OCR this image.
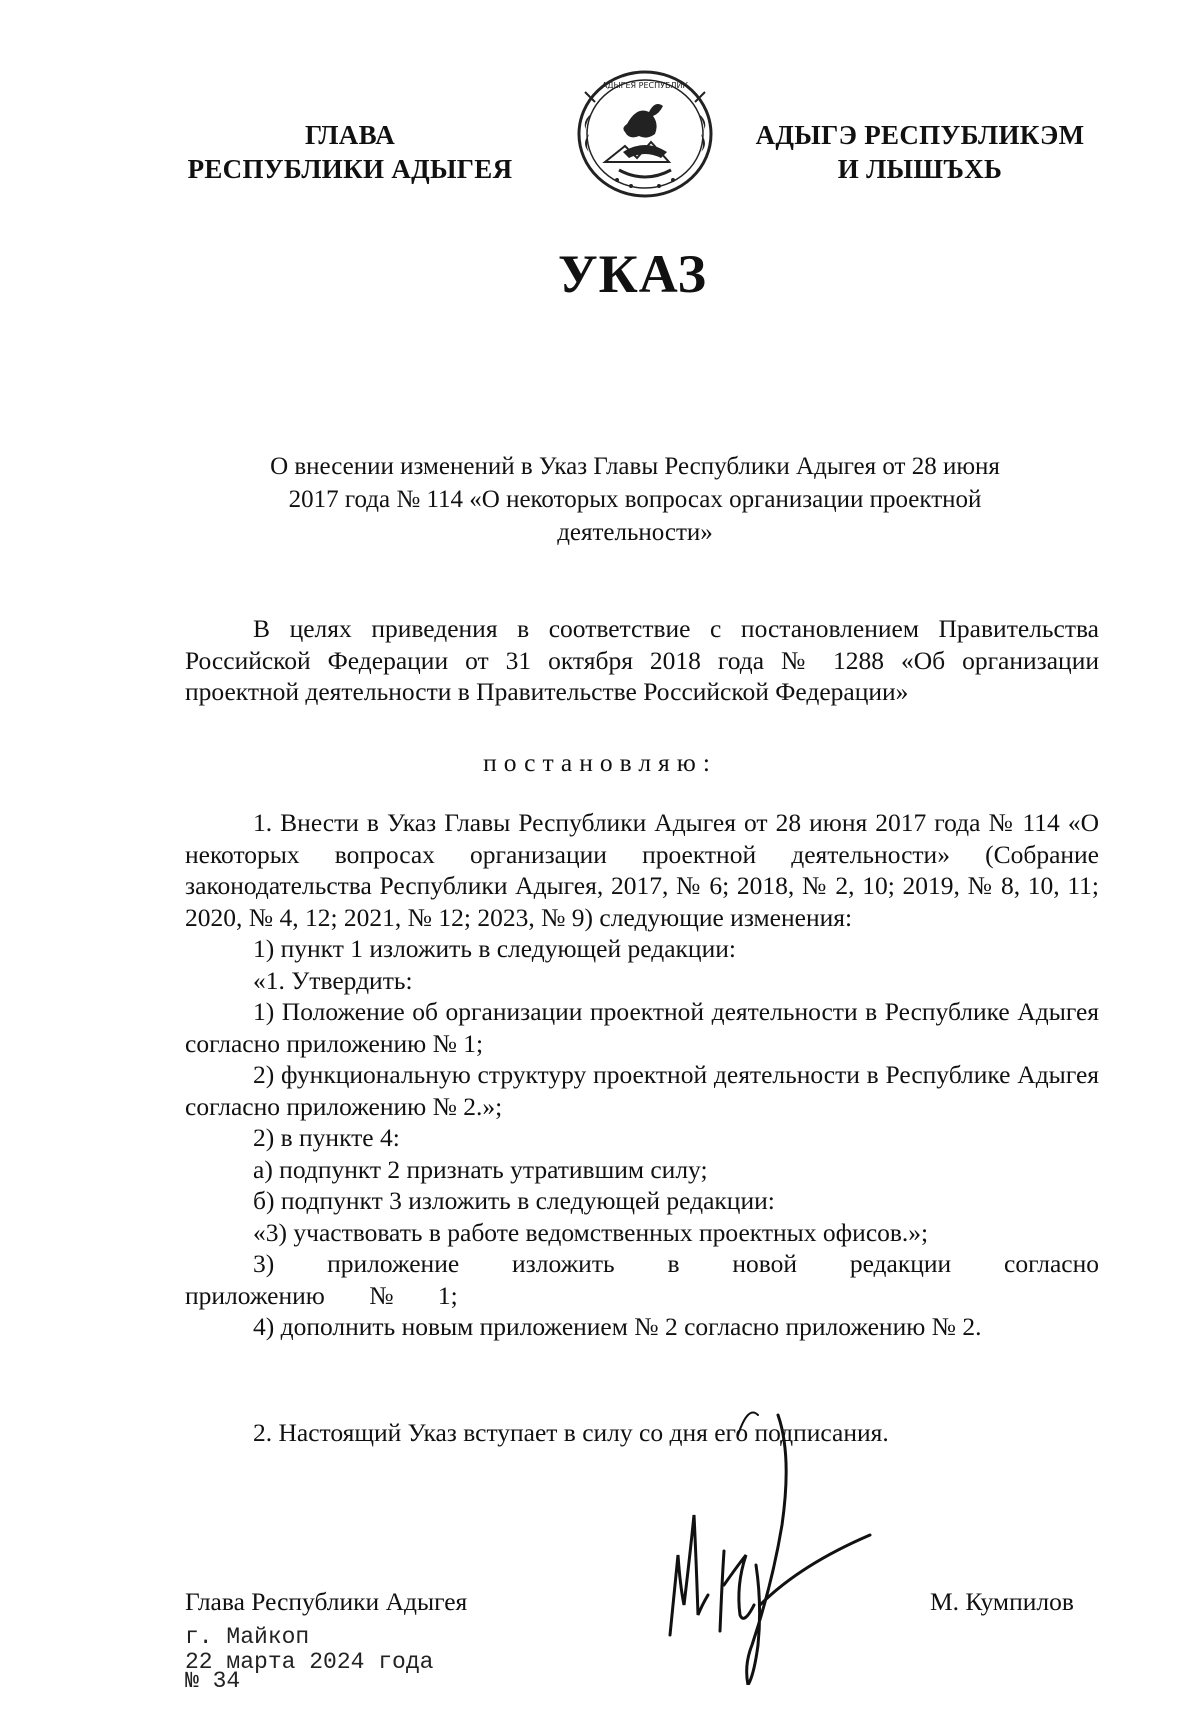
ГЛАВА
РЕСПУБЛИКИ АДЫГЕЯ
АДЫГЕЯ РЕСПУБЛИК
АДЫГЭ РЕСПУБЛИКЭМ
И ЛЫШЪХЬ
УКАЗ
О внесении изменений в Указ Главы Республики Адыгея от 28 июня
2017 года № 114 «О некоторых вопросах организации проектной
деятельности»

В целях приведения в соответствие с постановлением Правительства Российской Федерации от 31 октября 2018 года № 1288 «Об организации проектной деятельности в Правительстве Российской Федерации»

постановляю:

1. Внести в Указ Главы Республики Адыгея от 28 июня 2017 года № 114 «О некоторых вопросах организации проектной деятельности» (Собрание законодательства Республики Адыгея, 2017, № 6; 2018, № 2, 10; 2019, № 8, 10, 11; 2020, № 4, 12; 2021, № 12; 2023, № 9) следующие изменения:

1) пункт 1 изложить в следующей редакции:

«1. Утвердить:

1) Положение об организации проектной деятельности в Республике Адыгея согласно приложению № 1;

2) функциональную структуру проектной деятельности в Республике Адыгея согласно приложению № 2.»;

2) в пункте 4:

а) подпункт 2 признать утратившим силу;

б) подпункт 3 изложить в следующей редакции:

«3) участвовать в работе ведомственных проектных офисов.»;

3) приложение изложить в новой редакции согласно приложению № 1;

4) дополнить новым приложением № 2 согласно приложению № 2.

2. Настоящий Указ вступает в силу со дня его подписания.

Глава Республики Адыгея	М. Кумпилов
г. Майкоп
22 марта 2024 года
№ 34
